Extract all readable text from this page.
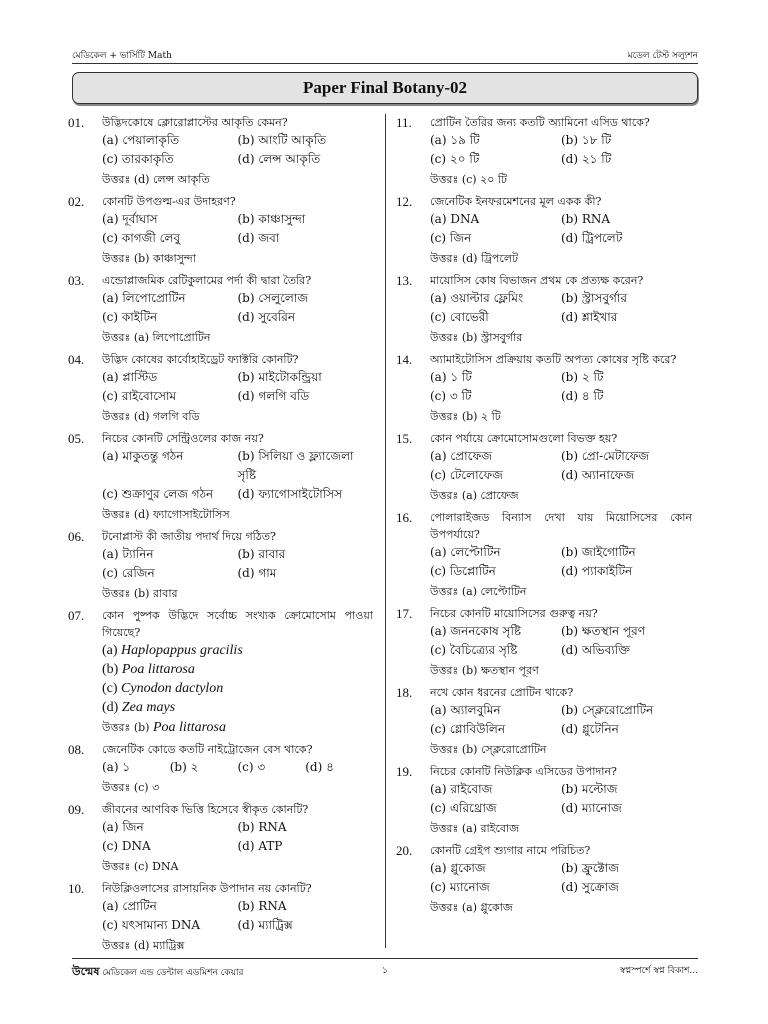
মেডিকেল + ভার্সিটি Math	মডেল টেস্ট সল্যুশন
Paper Final Botany-02
01.	উদ্ভিদকোষে ক্লোরোপ্লাস্টের আকৃতি কেমন?
(a) পেয়ালাকৃতি	(b) আংটি আকৃতি
(c) তারকাকৃতি	(d) লেন্স আকৃতি
উত্তরঃ (d) লেন্স আকৃতি
02.	কোনটি উপগুল্ম-এর উদাহরণ?
(a) দূর্বাঘাস	(b) কাঞ্চাসুন্দা
(c) কাগজী লেবু	(d) জবা
উত্তরঃ (b) কাঞ্চাসুন্দা
03.	এন্ডোপ্লাজমিক রেটিকুলামের পর্দা কী দ্বারা তৈরি?
(a) লিপোপ্রোটিন	(b) সেলুলোজ
(c) কাইটিন	(d) সুবেরিন
উত্তরঃ (a) লিপোপ্রোটিন
04.	উদ্ভিদ কোষের কার্বোহাইড্রেট ফ্যাক্টরি কোনটি?
(a) প্লাস্টিড	(b) মাইটোকন্ড্রিয়া
(c) রাইবোসোম	(d) গলগি বডি
উত্তরঃ (d) গলগি বডি
05.	নিচের কোনটি সেন্ট্রিওলের কাজ নয়?
(a) মাকুতন্তু গঠন	(b) সিলিয়া ও ফ্ল্যাজেলা সৃষ্টি
(c) শুক্রাণুর লেজ গঠন	(d) ফ্যাগোসাইটোসিস
উত্তরঃ (d) ফ্যাগোসাইটোসিস
06.	টনোপ্লাস্ট কী জাতীয় পদার্থ দিয়ে গঠিত?
(a) ট্যানিন	(b) রাবার
(c) রেজিন	(d) গাম
উত্তরঃ (b) রাবার
07.	কোন পুষ্পক উদ্ভিদে সর্বোচ্চ সংখ্যক ক্রোমোসোম পাওয়া গিয়েছে?
(a) Haplopappus gracilis
(b) Poa littarosa
(c) Cynodon dactylon
(d) Zea mays
উত্তরঃ (b) Poa littarosa
08.	জেনেটিক কোডে কতটি নাইট্রোজেন বেস থাকে?
(a) ১	(b) ২	(c) ৩	(d) ৪
উত্তরঃ (c) ৩
09.	জীবনের আণবিক ভিত্তি হিসেবে স্বীকৃত কোনটি?
(a) জিন	(b) RNA
(c) DNA	(d) ATP
উত্তরঃ (c) DNA
10.	নিউক্লিওলাসের রাসায়নিক উপাদান নয় কোনটি?
(a) প্রোটিন	(b) RNA
(c) যৎসামান্য DNA	(d) ম্যাট্রিক্স
উত্তরঃ (d) ম্যাট্রিক্স
11.	প্রোটিন তৈরির জন্য কতটি অ্যামিনো এসিড থাকে?
(a) ১৯ টি	(b) ১৮ টি
(c) ২০ টি	(d) ২১ টি
উত্তরঃ (c) ২০ টি
12.	জেনেটিক ইনফরমেশনের মূল একক কী?
(a) DNA	(b) RNA
(c) জিন	(d) ট্রিপলেট
উত্তরঃ (d) ট্রিপলেট
13.	মায়োসিস কোষ বিভাজন প্রথম কে প্রত্যক্ষ করেন?
(a) ওয়াল্টার ফ্লেমিং	(b) স্ট্রাসবুর্গার
(c) বোভেরী	(d) শ্লাইখার
উত্তরঃ (b) স্ট্রাসবুর্গার
14.	অ্যামাইটোসিস প্রক্রিয়ায় কতটি অপত্য কোষের সৃষ্টি করে?
(a) ১ টি	(b) ২ টি
(c) ৩ টি	(d) ৪ টি
উত্তরঃ (b) ২ টি
15.	কোন পর্যায়ে ক্রোমোসোমগুলো বিভক্ত হয়?
(a) প্রোফেজ	(b) প্রো-মেটাফেজ
(c) টেলোফেজ	(d) অ্যানাফেজ
উত্তরঃ (a) প্রোফেজ
16.	পোলারাইজড বিন্যাস দেখা যায় মিয়োসিসের কোন উপপর্যায়ে?
(a) লেপ্টোটিন	(b) জাইগোটিন
(c) ডিপ্লোটিন	(d) প্যাকাইটিন
উত্তরঃ (a) লেপ্টোটিন
17.	নিচের কোনটি মায়োসিসের গুরুত্ব নয়?
(a) জননকোষ সৃষ্টি	(b) ক্ষতস্থান পূরণ
(c) বৈচিত্র্যের সৃষ্টি	(d) অভিব্যক্তি
উত্তরঃ (b) ক্ষতস্থান পূরণ
18.	নখে কোন ধরনের প্রোটিন থাকে?
(a) অ্যালবুমিন	(b) স্ক্লেরোপ্রোটিন
(c) গ্লোবিউলিন	(d) গ্লুটেনিন
উত্তরঃ (b) স্ক্লেরোপ্রোটিন
19.	নিচের কোনটি নিউক্লিক এসিডের উপাদান?
(a) রাইবোজ	(b) মল্টোজ
(c) এরিথ্রোজ	(d) ম্যানোজ
উত্তরঃ (a) রাইবোজ
20.	কোনটি গ্রেইপ শ্যুগার নামে পরিচিত?
(a) গ্লুকোজ	(b) ফ্রুক্টোজ
(c) ম্যানোজ	(d) সুক্রোজ
উত্তরঃ (a) গ্লুকোজ
উন্মেষ মেডিকেল এন্ড ডেন্টাল এডমিশন কেয়ার	১	স্বপ্নস্পর্শে স্বপ্ন বিকাশ...
